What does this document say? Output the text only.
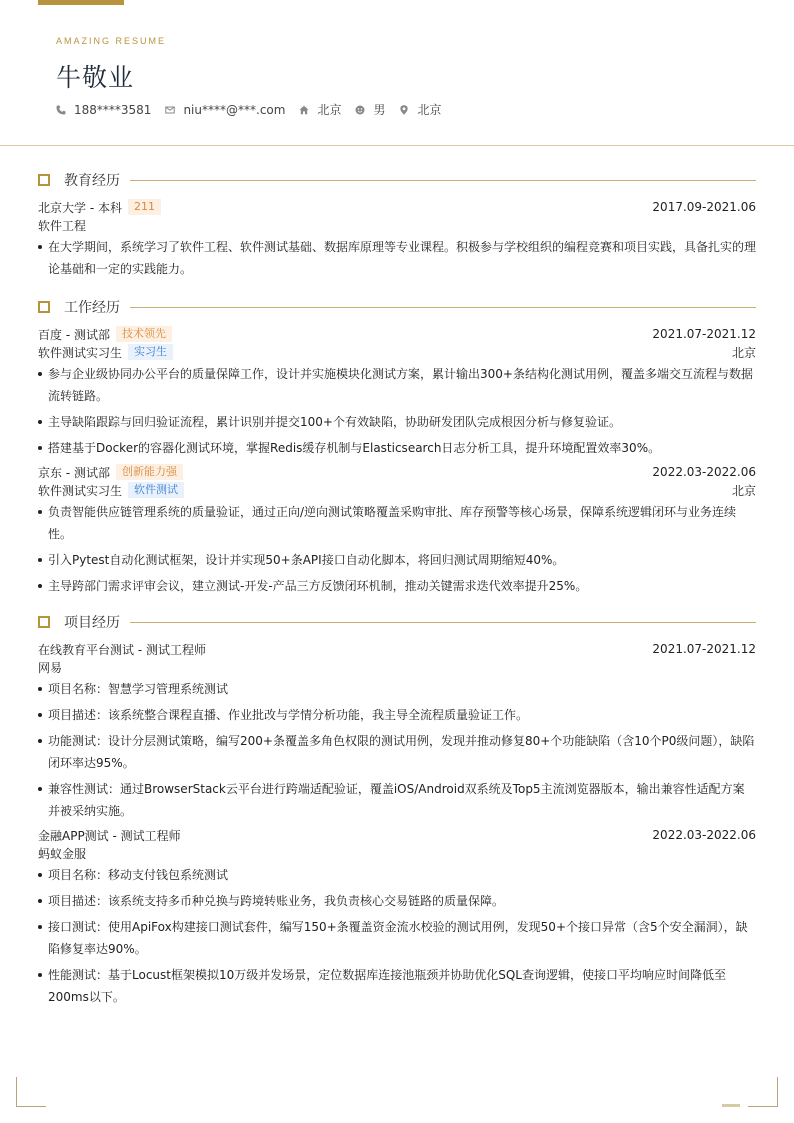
AMAZING RESUME
牛敬业
188****3581	niu****@***.com	北京	男	北京
教育经历
北京大学 - 本科	211	2017.09-2021.06
软件工程
在大学期间，系统学习了软件工程、软件测试基础、数据库原理等专业课程。积极参与学校组织的编程竞赛和项目实践，具备扎实的理论基础和一定的实践能力。
工作经历
百度 - 测试部	技术领先	2021.07-2021.12
软件测试实习生	实习生	北京
参与企业级协同办公平台的质量保障工作，设计并实施模块化测试方案，累计输出300+条结构化测试用例，覆盖多端交互流程与数据流转链路。
主导缺陷跟踪与回归验证流程，累计识别并提交100+个有效缺陷，协助研发团队完成根因分析与修复验证。
搭建基于Docker的容器化测试环境，掌握Redis缓存机制与Elasticsearch日志分析工具，提升环境配置效率30%。
京东 - 测试部	创新能力强	2022.03-2022.06
软件测试实习生	软件测试	北京
负责智能供应链管理系统的质量验证，通过正向/逆向测试策略覆盖采购审批、库存预警等核心场景，保障系统逻辑闭环与业务连续性。
引入Pytest自动化测试框架，设计并实现50+条API接口自动化脚本，将回归测试周期缩短40%。
主导跨部门需求评审会议，建立测试-开发-产品三方反馈闭环机制，推动关键需求迭代效率提升25%。
项目经历
在线教育平台测试 - 测试工程师	2021.07-2021.12
网易
项目名称：智慧学习管理系统测试
项目描述：该系统整合课程直播、作业批改与学情分析功能，我主导全流程质量验证工作。
功能测试：设计分层测试策略，编写200+条覆盖多角色权限的测试用例，发现并推动修复80+个功能缺陷（含10个P0级问题），缺陷闭环率达95%。
兼容性测试：通过BrowserStack云平台进行跨端适配验证，覆盖iOS/Android双系统及Top5主流浏览器版本，输出兼容性适配方案并被采纳实施。
金融APP测试 - 测试工程师	2022.03-2022.06
蚂蚁金服
项目名称：移动支付钱包系统测试
项目描述：该系统支持多币种兑换与跨境转账业务，我负责核心交易链路的质量保障。
接口测试：使用ApiFox构建接口测试套件，编写150+条覆盖资金流水校验的测试用例，发现50+个接口异常（含5个安全漏洞），缺陷修复率达90%。
性能测试：基于Locust框架模拟10万级并发场景，定位数据库连接池瓶颈并协助优化SQL查询逻辑，使接口平均响应时间降低至200ms以下。
